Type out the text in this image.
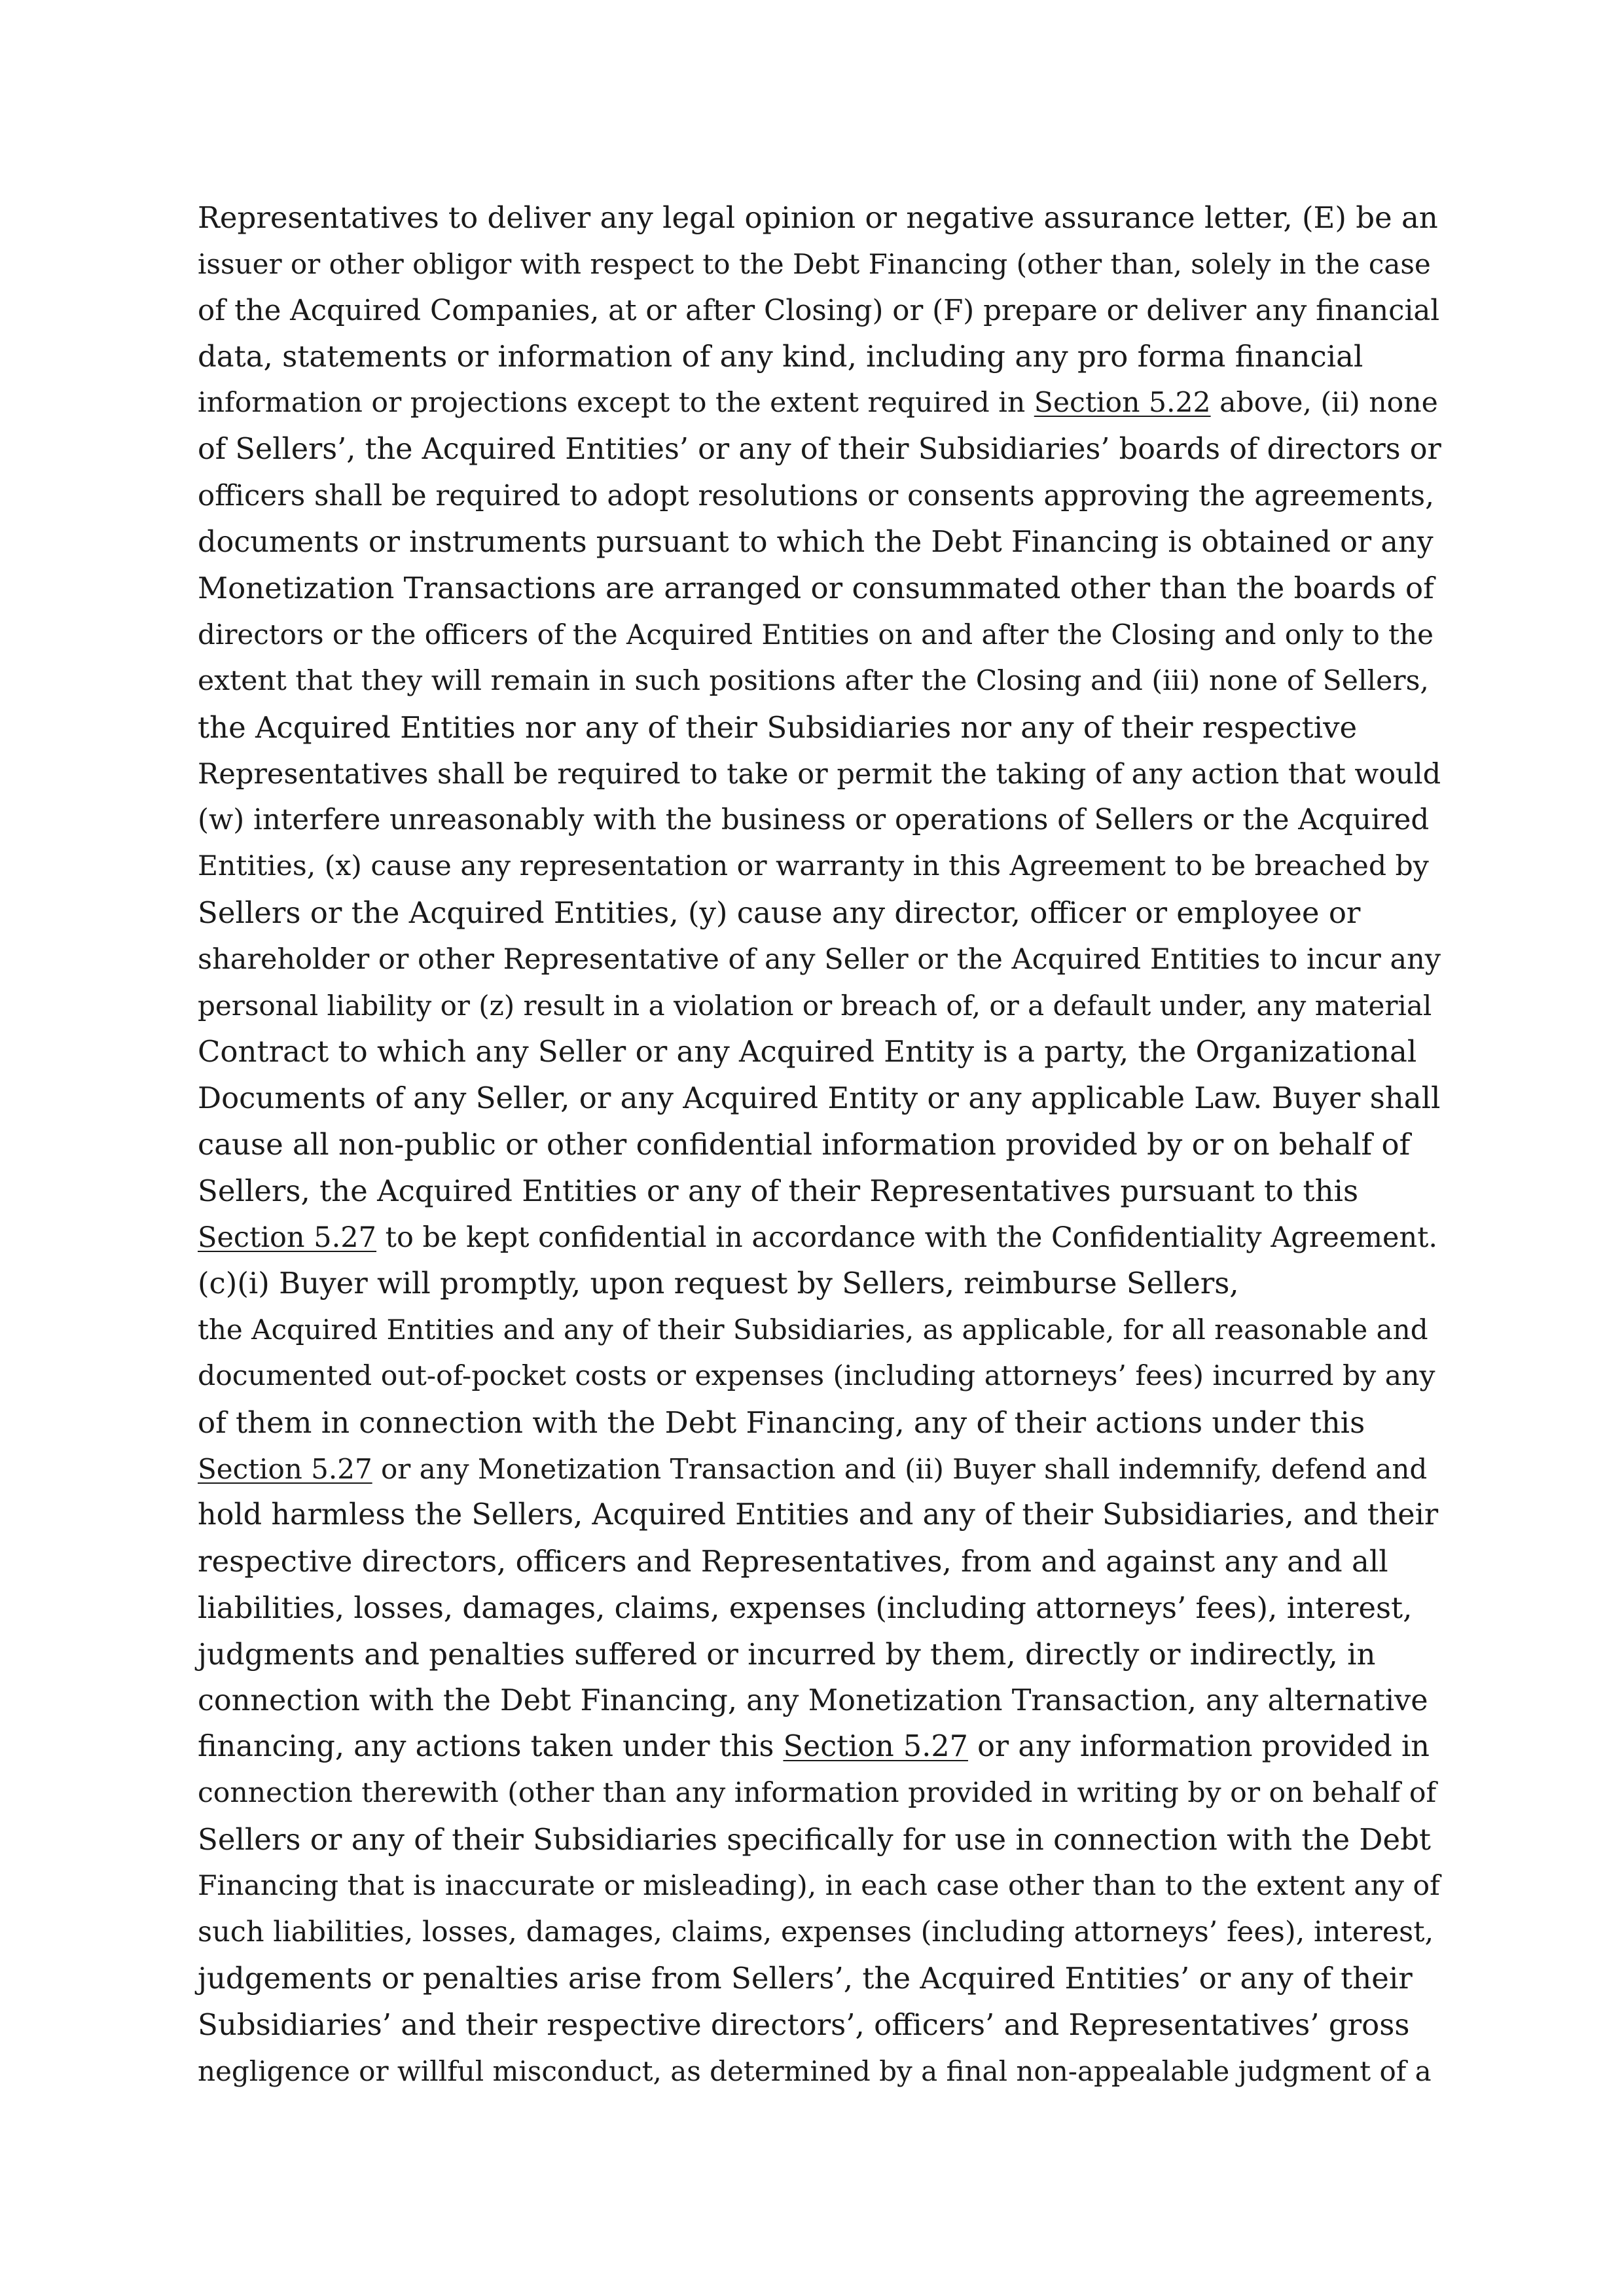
Representatives to deliver any legal opinion or negative assurance letter, (E) be an
issuer or other obligor with respect to the Debt Financing (other than, solely in the case
of the Acquired Companies, at or after Closing) or (F) prepare or deliver any financial
data, statements or information of any kind, including any pro forma financial
information or projections except to the extent required in Section 5.22 above, (ii) none
of Sellers’, the Acquired Entities’ or any of their Subsidiaries’ boards of directors or
officers shall be required to adopt resolutions or consents approving the agreements,
documents or instruments pursuant to which the Debt Financing is obtained or any
Monetization Transactions are arranged or consummated other than the boards of
directors or the officers of the Acquired Entities on and after the Closing and only to the
extent that they will remain in such positions after the Closing and (iii) none of Sellers,
the Acquired Entities nor any of their Subsidiaries nor any of their respective
Representatives shall be required to take or permit the taking of any action that would
(w) interfere unreasonably with the business or operations of Sellers or the Acquired
Entities, (x) cause any representation or warranty in this Agreement to be breached by
Sellers or the Acquired Entities, (y) cause any director, officer or employee or
shareholder or other Representative of any Seller or the Acquired Entities to incur any
personal liability or (z) result in a violation or breach of, or a default under, any material
Contract to which any Seller or any Acquired Entity is a party, the Organizational
Documents of any Seller, or any Acquired Entity or any applicable Law. Buyer shall
cause all non-public or other confidential information provided by or on behalf of
Sellers, the Acquired Entities or any of their Representatives pursuant to this
Section 5.27 to be kept confidential in accordance with the Confidentiality Agreement.
(c)(i) Buyer will promptly, upon request by Sellers, reimburse Sellers,
the Acquired Entities and any of their Subsidiaries, as applicable, for all reasonable and
documented out-of-pocket costs or expenses (including attorneys’ fees) incurred by any
of them in connection with the Debt Financing, any of their actions under this
Section 5.27 or any Monetization Transaction and (ii) Buyer shall indemnify, defend and
hold harmless the Sellers, Acquired Entities and any of their Subsidiaries, and their
respective directors, officers and Representatives, from and against any and all
liabilities, losses, damages, claims, expenses (including attorneys’ fees), interest,
judgments and penalties suffered or incurred by them, directly or indirectly, in
connection with the Debt Financing, any Monetization Transaction, any alternative
financing, any actions taken under this Section 5.27 or any information provided in
connection therewith (other than any information provided in writing by or on behalf of
Sellers or any of their Subsidiaries specifically for use in connection with the Debt
Financing that is inaccurate or misleading), in each case other than to the extent any of
such liabilities, losses, damages, claims, expenses (including attorneys’ fees), interest,
judgements or penalties arise from Sellers’, the Acquired Entities’ or any of their
Subsidiaries’ and their respective directors’, officers’ and Representatives’ gross
negligence or willful misconduct, as determined by a final non-appealable judgment of a
